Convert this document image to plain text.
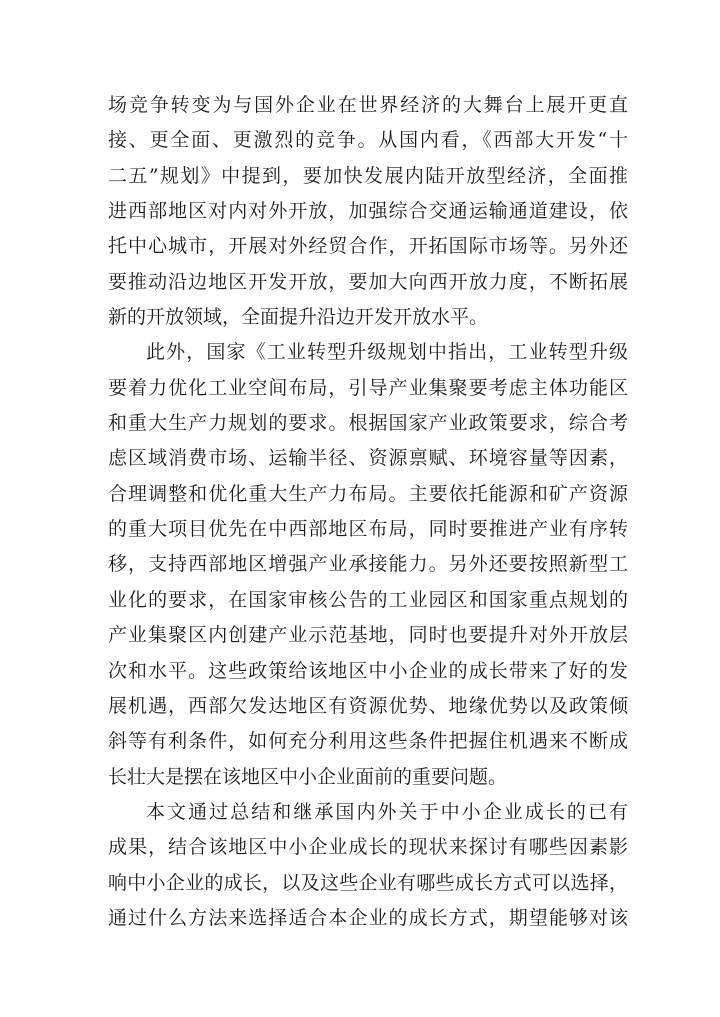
场竞争转变为与国外企业在世界经济的大舞台上展开更直
接、更全面、更激烈的竞争。从国内看，《西部大开发“十
二五”规划》中提到，要加快发展内陆开放型经济，全面推
进西部地区对内对外开放，加强综合交通运输通道建设，依
托中心城市，开展对外经贸合作，开拓国际市场等。另外还
要推动沿边地区开发开放，要加大向西开放力度，不断拓展
新的开放领域，全面提升沿边开发开放水平。
此外，国家《工业转型升级规划中指出，工业转型升级
要着力优化工业空间布局，引导产业集聚要考虑主体功能区
和重大生产力规划的要求。根据国家产业政策要求，综合考
虑区域消费市场、运输半径、资源禀赋、环境容量等因素，
合理调整和优化重大生产力布局。主要依托能源和矿产资源
的重大项目优先在中西部地区布局，同时要推进产业有序转
移，支持西部地区增强产业承接能力。另外还要按照新型工
业化的要求，在国家审核公告的工业园区和国家重点规划的
产业集聚区内创建产业示范基地，同时也要提升对外开放层
次和水平。这些政策给该地区中小企业的成长带来了好的发
展机遇，西部欠发达地区有资源优势、地缘优势以及政策倾
斜等有利条件，如何充分利用这些条件把握住机遇来不断成
长壮大是摆在该地区中小企业面前的重要问题。
本文通过总结和继承国内外关于中小企业成长的已有
成果，结合该地区中小企业成长的现状来探讨有哪些因素影
响中小企业的成长，以及这些企业有哪些成长方式可以选择，
通过什么方法来选择适合本企业的成长方式，期望能够对该
